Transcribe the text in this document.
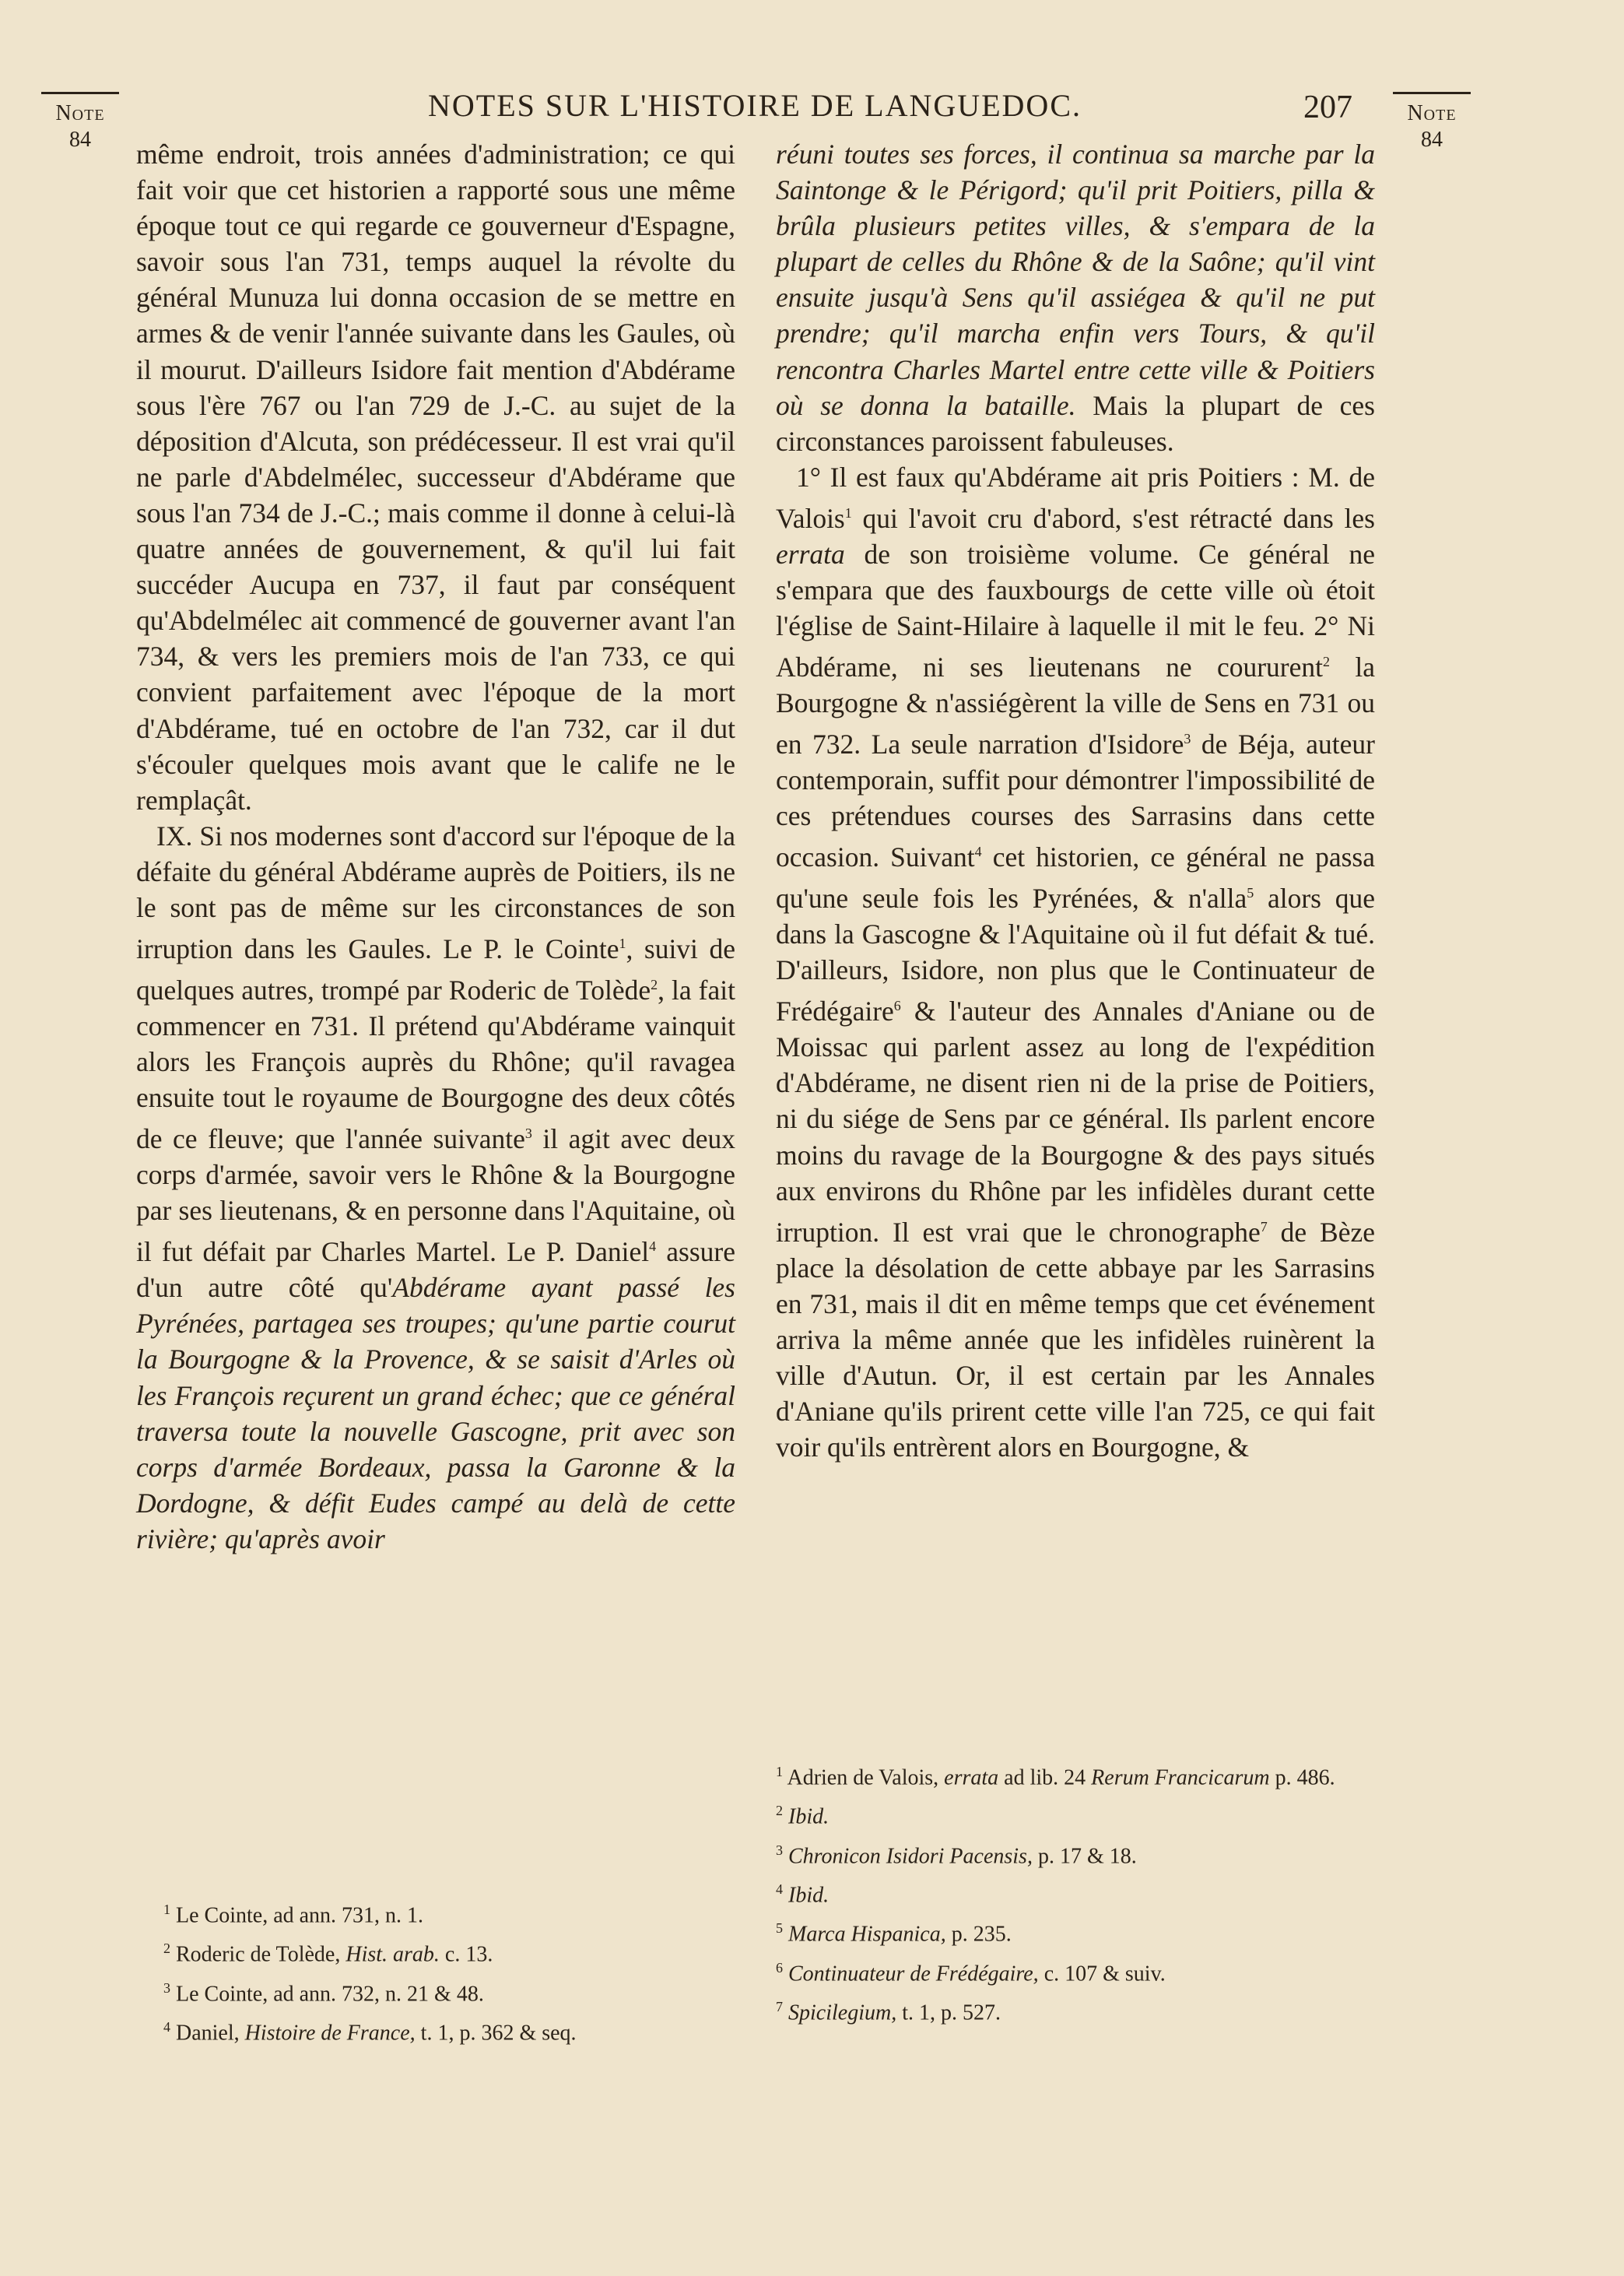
NOTES SUR L'HISTOIRE DE LANGUEDOC.	207
Note
84
Note
84

même endroit, trois années d'administration; ce qui fait voir que cet historien a rapporté sous une même époque tout ce qui regarde ce gouverneur d'Espagne, savoir sous l'an 731, temps auquel la révolte du général Munuza lui donna occasion de se mettre en armes & de venir l'année suivante dans les Gaules, où il mourut. D'ailleurs Isidore fait mention d'Abdérame sous l'ère 767 ou l'an 729 de J.-C. au sujet de la déposition d'Alcuta, son prédécesseur. Il est vrai qu'il ne parle d'Abdelmélec, successeur d'Abdérame que sous l'an 734 de J.-C.; mais comme il donne à celui-là quatre années de gouvernement, & qu'il lui fait succéder Aucupa en 737, il faut par conséquent qu'Abdelmélec ait commencé de gouverner avant l'an 734, & vers les premiers mois de l'an 733, ce qui convient parfaitement avec l'époque de la mort d'Abdérame, tué en octobre de l'an 732, car il dut s'écouler quelques mois avant que le calife ne le remplaçât.

IX. Si nos modernes sont d'accord sur l'époque de la défaite du général Abdérame auprès de Poitiers, ils ne le sont pas de même sur les circonstances de son irruption dans les Gaules. Le P. le Cointe$^1$, suivi de quelques autres, trompé par Roderic de Tolède$^2$, la fait commencer en 731. Il prétend qu'Abdérame vainquit alors les François auprès du Rhône; qu'il ravagea ensuite tout le royaume de Bourgogne des deux côtés de ce fleuve; que l'année suivante$^3$ il agit avec deux corps d'armée, savoir vers le Rhône & la Bourgogne par ses lieutenans, & en personne dans l'Aquitaine, où il fut défait par Charles Martel. Le P. Daniel$^4$ assure d'un autre côté qu'Abdérame ayant passé les Pyrénées, partagea ses troupes; qu'une partie courut la Bourgogne & la Provence, & se saisit d'Arles où les François reçurent un grand échec; que ce général traversa toute la nouvelle Gascogne, prit avec son corps d'armée Bordeaux, passa la Garonne & la Dordogne, & défit Eudes campé au delà de cette rivière; qu'après avoir

réuni toutes ses forces, il continua sa marche par la Saintonge & le Périgord; qu'il prit Poitiers, pilla & brûla plusieurs petites villes, & s'empara de la plupart de celles du Rhône & de la Saône; qu'il vint ensuite jusqu'à Sens qu'il assiégea & qu'il ne put prendre; qu'il marcha enfin vers Tours, & qu'il rencontra Charles Martel entre cette ville & Poitiers où se donna la bataille. Mais la plupart de ces circonstances paroissent fabuleuses.

1° Il est faux qu'Abdérame ait pris Poitiers : M. de Valois$^1$ qui l'avoit cru d'abord, s'est rétracté dans les errata de son troisième volume. Ce général ne s'empara que des fauxbourgs de cette ville où étoit l'église de Saint-Hilaire à laquelle il mit le feu. 2° Ni Abdérame, ni ses lieutenans ne coururent$^2$ la Bourgogne & n'assiégèrent la ville de Sens en 731 ou en 732. La seule narration d'Isidore$^3$ de Béja, auteur contemporain, suffit pour démontrer l'impossibilité de ces prétendues courses des Sarrasins dans cette occasion. Suivant$^4$ cet historien, ce général ne passa qu'une seule fois les Pyrénées, & n'alla$^5$ alors que dans la Gascogne & l'Aquitaine où il fut défait & tué. D'ailleurs, Isidore, non plus que le Continuateur de Frédégaire$^6$ & l'auteur des Annales d'Aniane ou de Moissac qui parlent assez au long de l'expédition d'Abdérame, ne disent rien ni de la prise de Poitiers, ni du siége de Sens par ce général. Ils parlent encore moins du ravage de la Bourgogne & des pays situés aux environs du Rhône par les infidèles durant cette irruption. Il est vrai que le chronographe$^7$ de Bèze place la désolation de cette abbaye par les Sarrasins en 731, mais il dit en même temps que cet événement arriva la même année que les infidèles ruinèrent la ville d'Autun. Or, il est certain par les Annales d'Aniane qu'ils prirent cette ville l'an 725, ce qui fait voir qu'ils entrèrent alors en Bourgogne, &

$^1$ Le Cointe, ad ann. 731, n. 1.
$^2$ Roderic de Tolède, Hist. arab. c. 13.
$^3$ Le Cointe, ad ann. 732, n. 21 & 48.
$^4$ Daniel, Histoire de France, t. 1, p. 362 & seq.
$^1$ Adrien de Valois, errata ad lib. 24 Rerum Francicarum p. 486.
$^2$ Ibid.
$^3$ Chronicon Isidori Pacensis, p. 17 & 18.
$^4$ Ibid.
$^5$ Marca Hispanica, p. 235.
$^6$ Continuateur de Frédégaire, c. 107 & suiv.
$^7$ Spicilegium, t. 1, p. 527.
